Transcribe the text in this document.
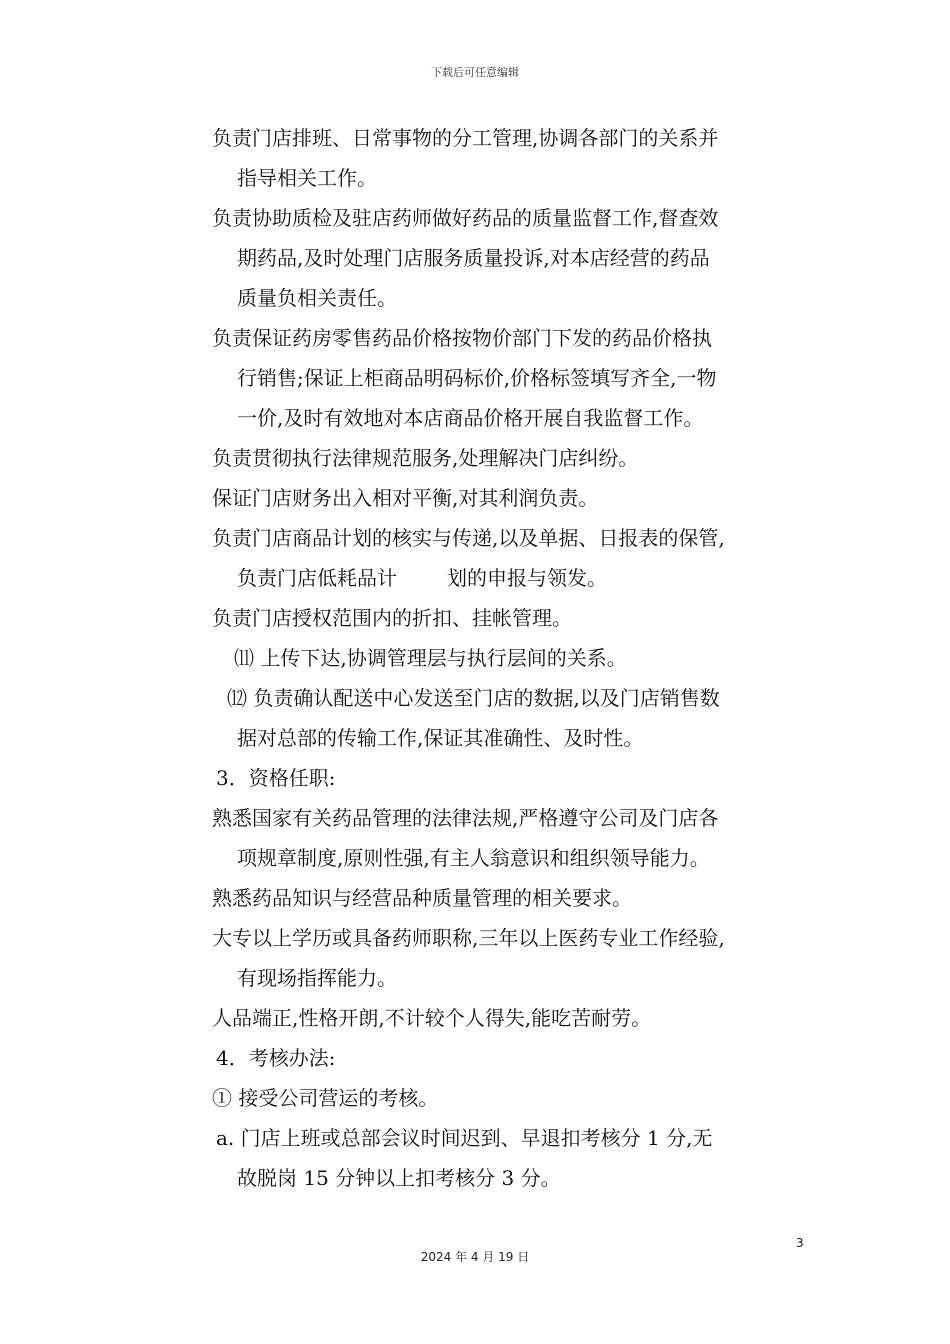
下载后可任意编辑

负责门店排班、日常事物的分工管理,协调各部门的关系并
指导相关工作。

负责协助质检及驻店药师做好药品的质量监督工作,督查效
期药品,及时处理门店服务质量投诉,对本店经营的药品
质量负相关责任。

负责保证药房零售药品价格按物价部门下发的药品价格执
行销售;保证上柜商品明码标价,价格标签填写齐全,一物
一价,及时有效地对本店商品价格开展自我监督工作。

负责贯彻执行法律规范服务,处理解决门店纠纷。

保证门店财务出入相对平衡,对其利润负责。

负责门店商品计划的核实与传递,以及单据、日报表的保管,
负责门店低耗品计	划的申报与领发。

负责门店授权范围内的折扣、挂帐管理。

⑾ 上传下达,协调管理层与执行层间的关系。

⑿ 负责确认配送中心发送至门店的数据,以及门店销售数
据对总部的传输工作,保证其准确性、及时性。

3．资格任职:

熟悉国家有关药品管理的法律法规,严格遵守公司及门店各
项规章制度,原则性强,有主人翁意识和组织领导能力。

熟悉药品知识与经营品种质量管理的相关要求。

大专以上学历或具备药师职称,三年以上医药专业工作经验,
有现场指挥能力。

人品端正,性格开朗,不计较个人得失,能吃苦耐劳。

4．考核办法:

① 接受公司营运的考核。

a. 门店上班或总部会议时间迟到、早退扣考核分 1 分,无
故脱岗 15 分钟以上扣考核分 3 分。

3
2024 年 4 月 19 日
